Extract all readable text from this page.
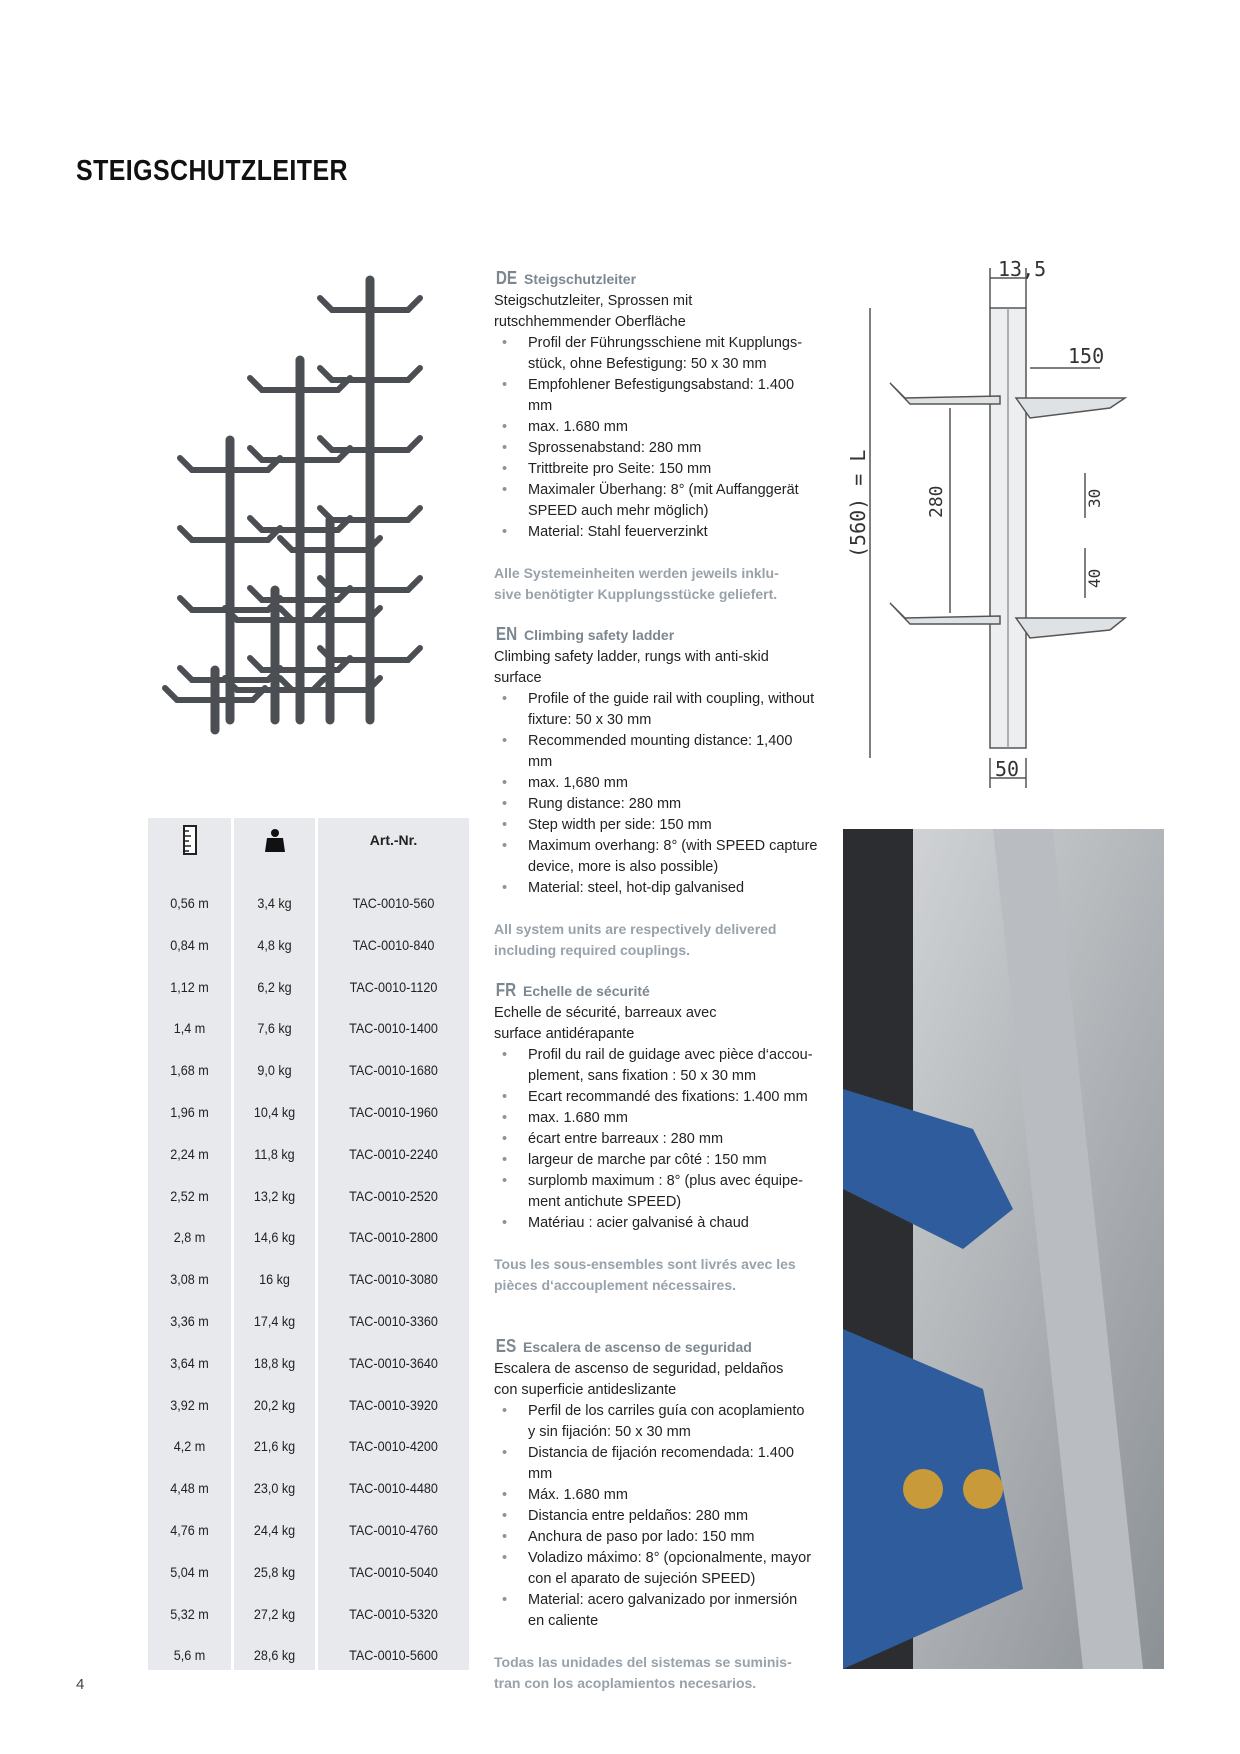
STEIGSCHUTZLEITER
13,5
150
280
(560) = L	30
40
50
Art.-Nr.
0,56 m	3,4 kg	TAC-0010-560
0,84 m	4,8 kg	TAC-0010-840
1,12 m	6,2 kg	TAC-0010-1120
1,4 m	7,6 kg	TAC-0010-1400
1,68 m	9,0 kg	TAC-0010-1680
1,96 m	10,4 kg	TAC-0010-1960
2,24 m	11,8 kg	TAC-0010-2240
2,52 m	13,2 kg	TAC-0010-2520
2,8 m	14,6 kg	TAC-0010-2800
3,08 m	16 kg	TAC-0010-3080
3,36 m	17,4 kg	TAC-0010-3360
3,64 m	18,8 kg	TAC-0010-3640
3,92 m	20,2 kg	TAC-0010-3920
4,2 m	21,6 kg	TAC-0010-4200
4,48 m	23,0 kg	TAC-0010-4480
4,76 m	24,4 kg	TAC-0010-4760
5,04 m	25,8 kg	TAC-0010-5040
5,32 m	27,2 kg	TAC-0010-5320
5,6 m	28,6 kg	TAC-0010-5600

DE Steigschutzleiter

Steigschutzleiter, Sprossen mit

rutschhemmender Oberfläche

• Profil der Führungsschiene mit Kupplungs-
stück, ohne Befestigung: 50 x 30 mm
• Empfohlener Befestigungsabstand: 1.400 mm
• max. 1.680 mm
• Sprossenabstand: 280 mm
• Trittbreite pro Seite: 150 mm
• Maximaler Überhang: 8° (mit Auffanggerät
SPEED auch mehr möglich)
• Material: Stahl feuerverzinkt
Alle Systemeinheiten werden jeweils inklu-
sive benötigter Kupplungsstücke geliefert.

EN Climbing safety ladder

Climbing safety ladder, rungs with anti-skid surface

• Profile of the guide rail with coupling, without
fixture: 50 x 30 mm
• Recommended mounting distance: 1,400 mm
• max. 1,680 mm
• Rung distance: 280 mm
• Step width per side: 150 mm
• Maximum overhang: 8° (with SPEED capture
device, more is also possible)
• Material: steel, hot-dip galvanised
All system units are respectively delivered
including required couplings.

FR Echelle de sécurité

Echelle de sécurité, barreaux avec

surface antidérapante

• Profil du rail de guidage avec pièce d‘accou-
plement, sans fixation : 50 x 30 mm
• Ecart recommandé des fixations: 1.400 mm
• max. 1.680 mm
• écart entre barreaux : 280 mm
• largeur de marche par côté : 150 mm
• surplomb maximum : 8° (plus avec équipe-
ment antichute SPEED)
• Matériau : acier galvanisé à chaud
Tous les sous-ensembles sont livrés avec les
pièces d‘accouplement nécessaires.

ES Escalera de ascenso de seguridad

Escalera de ascenso de seguridad, peldaños

con superficie antideslizante

• Perfil de los carriles guía con acoplamiento
y sin fijación: 50 x 30 mm
• Distancia de fijación recomendada: 1.400 mm
• Máx. 1.680 mm
• Distancia entre peldaños: 280 mm
• Anchura de paso por lado: 150 mm
• Voladizo máximo: 8° (opcionalmente, mayor
con el aparato de sujeción SPEED)
• Material: acero galvanizado por inmersión
en caliente
Todas las unidades del sistemas se suminis-
tran con los acoplamientos necesarios.
4
